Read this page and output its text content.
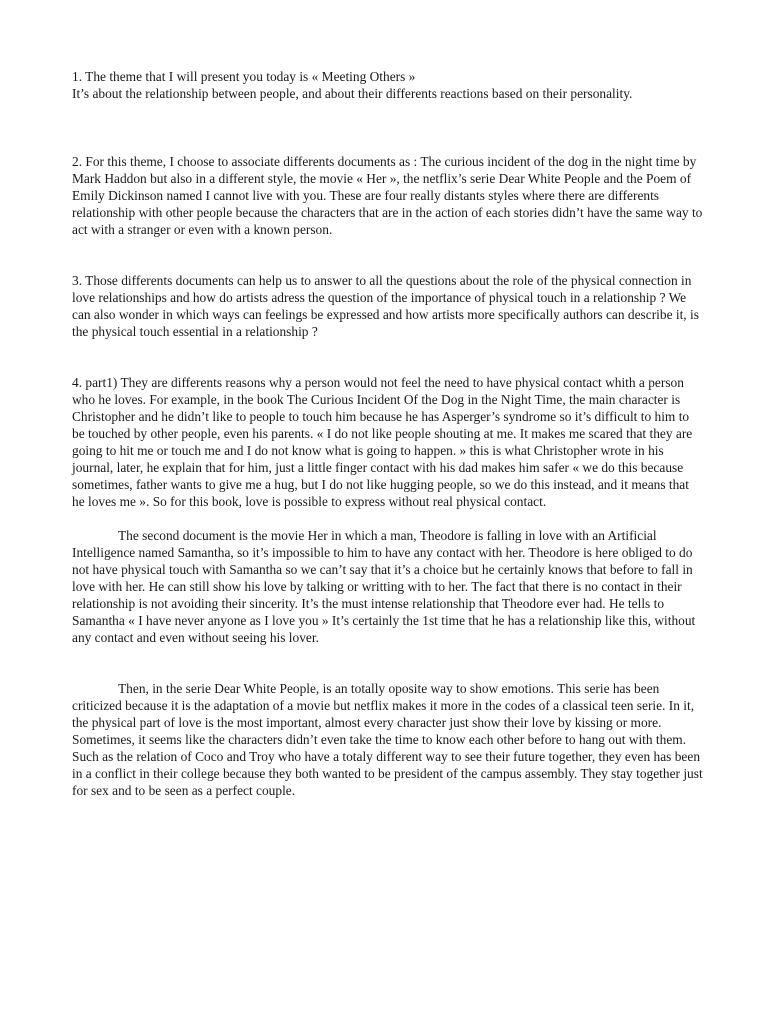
1. The theme that I will present you today is « Meeting Others »

It’s about the relationship between people, and about their differents reactions based on their personality.

2. For this theme, I choose to associate differents documents as : The curious incident of the dog in the night time by Mark Haddon but also in a different style, the movie « Her », the netflix’s serie Dear White People and the Poem of Emily Dickinson named I cannot live with you. These are four really distants styles where there are differents relationship with other people because the characters that are in the action of each stories didn’t have the same way to act with a stranger or even with a known person.

3. Those differents documents can help us to answer to all the questions about the role of the physical connection in love relationships and how do artists adress the question of the importance of physical touch in a relationship ? We can also wonder in which ways can feelings be expressed and how artists more specifically authors can describe it, is the physical touch essential in a relationship ?

4. part1) They are differents reasons why a person would not feel the need to have physical contact whith a person who he loves. For example, in the book The Curious Incident Of the Dog in the Night Time, the main character is Christopher and he didn’t like to people to touch him because he has Asperger’s syndrome so it’s difficult to him to be touched by other people, even his parents. « I do not like people shouting at me. It makes me scared that they are going to hit me or touch me and I do not know what is going to happen. » this is what Christopher wrote in his journal, later, he explain that for him, just a little finger contact with his dad makes him safer « we do this because sometimes, father wants to give me a hug, but I do not like hugging people, so we do this instead, and it means that he loves me ». So for this book, love is possible to express without real physical contact.

The second document is the movie Her in which a man, Theodore is falling in love with an Artificial Intelligence named Samantha, so it’s impossible to him to have any contact with her. Theodore is here obliged to do not have physical touch with Samantha so we can’t say that it’s a choice but he certainly knows that before to fall in love with her. He can still show his love by talking or writting with to her. The fact that there is no contact in their relationship is not avoiding their sincerity. It’s the must intense relationship that Theodore ever had. He tells to Samantha « I have never anyone as I love you » It’s certainly the 1st time that he has a relationship like this, without any contact and even without seeing his lover.

Then, in the serie Dear White People, is an totally oposite way to show emotions. This serie has been criticized because it is the adaptation of a movie but netflix makes it more in the codes of a classical teen serie. In it, the physical part of love is the most important, almost every character just show their love by kissing or more. Sometimes, it seems like the characters didn’t even take the time to know each other before to hang out with them. Such as the relation of Coco and Troy who have a totaly different way to see their future together, they even has been in a conflict in their college because they both wanted to be president of the campus assembly. They stay together just for sex and to be seen as a perfect couple.
